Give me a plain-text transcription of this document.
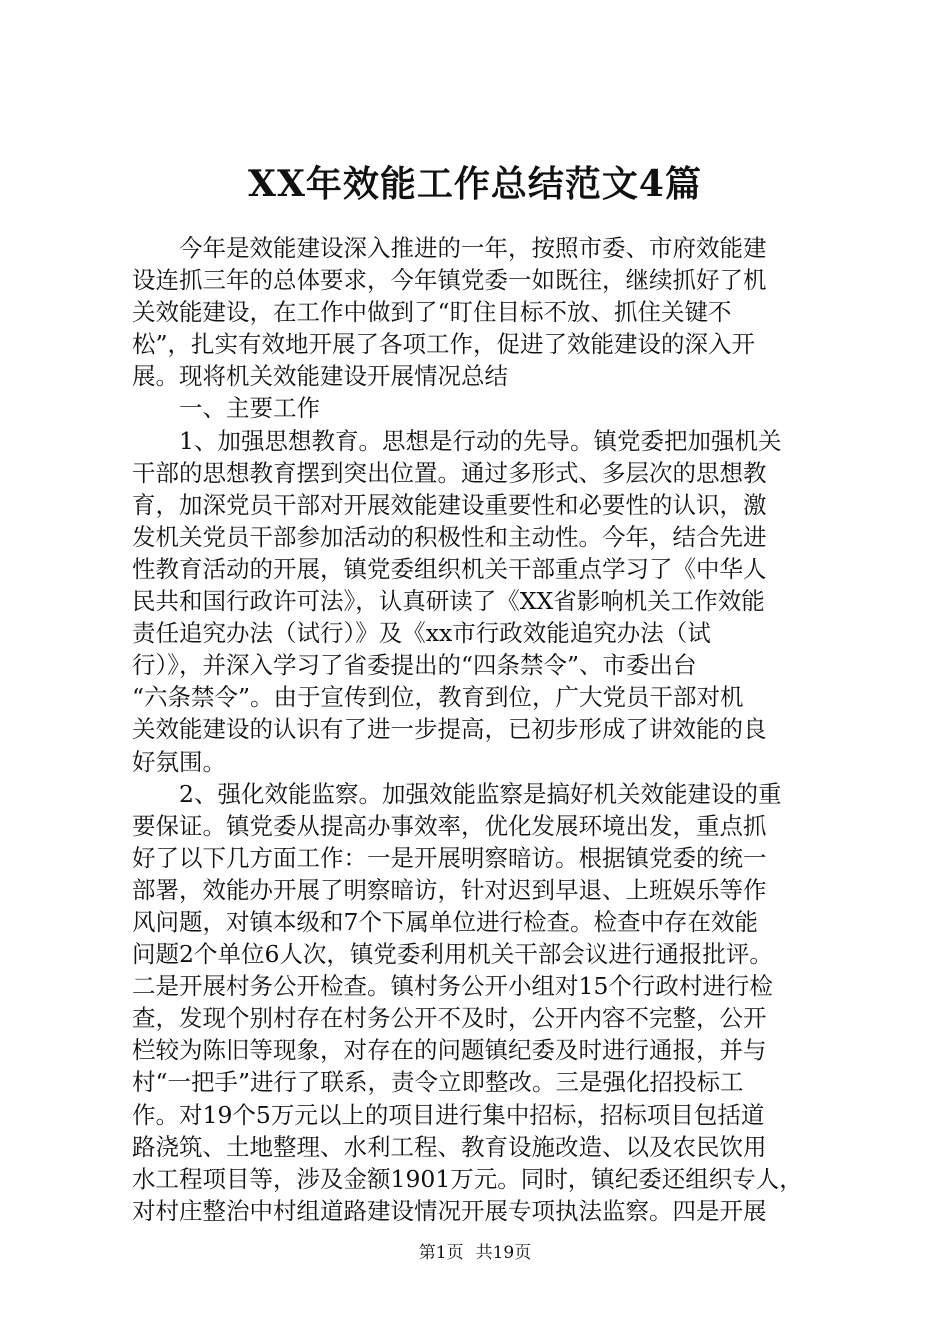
XX年效能工作总结范文4篇
　　今年是效能建设深入推进的一年，按照市委、市府效能建
设连抓三年的总体要求，今年镇党委一如既往，继续抓好了机
关效能建设，在工作中做到了“盯住目标不放、抓住关键不
松”，扎实有效地开展了各项工作，促进了效能建设的深入开
展。现将机关效能建设开展情况总结
　　一、主要工作
　　1、加强思想教育。思想是行动的先导。镇党委把加强机关
干部的思想教育摆到突出位置。通过多形式、多层次的思想教
育，加深党员干部对开展效能建设重要性和必要性的认识，激
发机关党员干部参加活动的积极性和主动性。今年，结合先进
性教育活动的开展，镇党委组织机关干部重点学习了《中华人
民共和国行政许可法》，认真研读了《XX省影响机关工作效能
责任追究办法（试行）》及《xx市行政效能追究办法（试
行）》，并深入学习了省委提出的“四条禁令”、市委出台
“六条禁令”。由于宣传到位，教育到位，广大党员干部对机
关效能建设的认识有了进一步提高，已初步形成了讲效能的良
好氛围。
　　2、强化效能监察。加强效能监察是搞好机关效能建设的重
要保证。镇党委从提高办事效率，优化发展环境出发，重点抓
好了以下几方面工作：一是开展明察暗访。根据镇党委的统一
部署，效能办开展了明察暗访，针对迟到早退、上班娱乐等作
风问题，对镇本级和7个下属单位进行检查。检查中存在效能
问题2个单位6人次，镇党委利用机关干部会议进行通报批评。
二是开展村务公开检查。镇村务公开小组对15个行政村进行检
查，发现个别村存在村务公开不及时，公开内容不完整，公开
栏较为陈旧等现象，对存在的问题镇纪委及时进行通报，并与
村“一把手”进行了联系，责令立即整改。三是强化招投标工
作。对19个5万元以上的项目进行集中招标，招标项目包括道
路浇筑、土地整理、水利工程、教育设施改造、以及农民饮用
水工程项目等，涉及金额1901万元。同时，镇纪委还组织专人，
对村庄整治中村组道路建设情况开展专项执法监察。四是开展
第1页 共19页
